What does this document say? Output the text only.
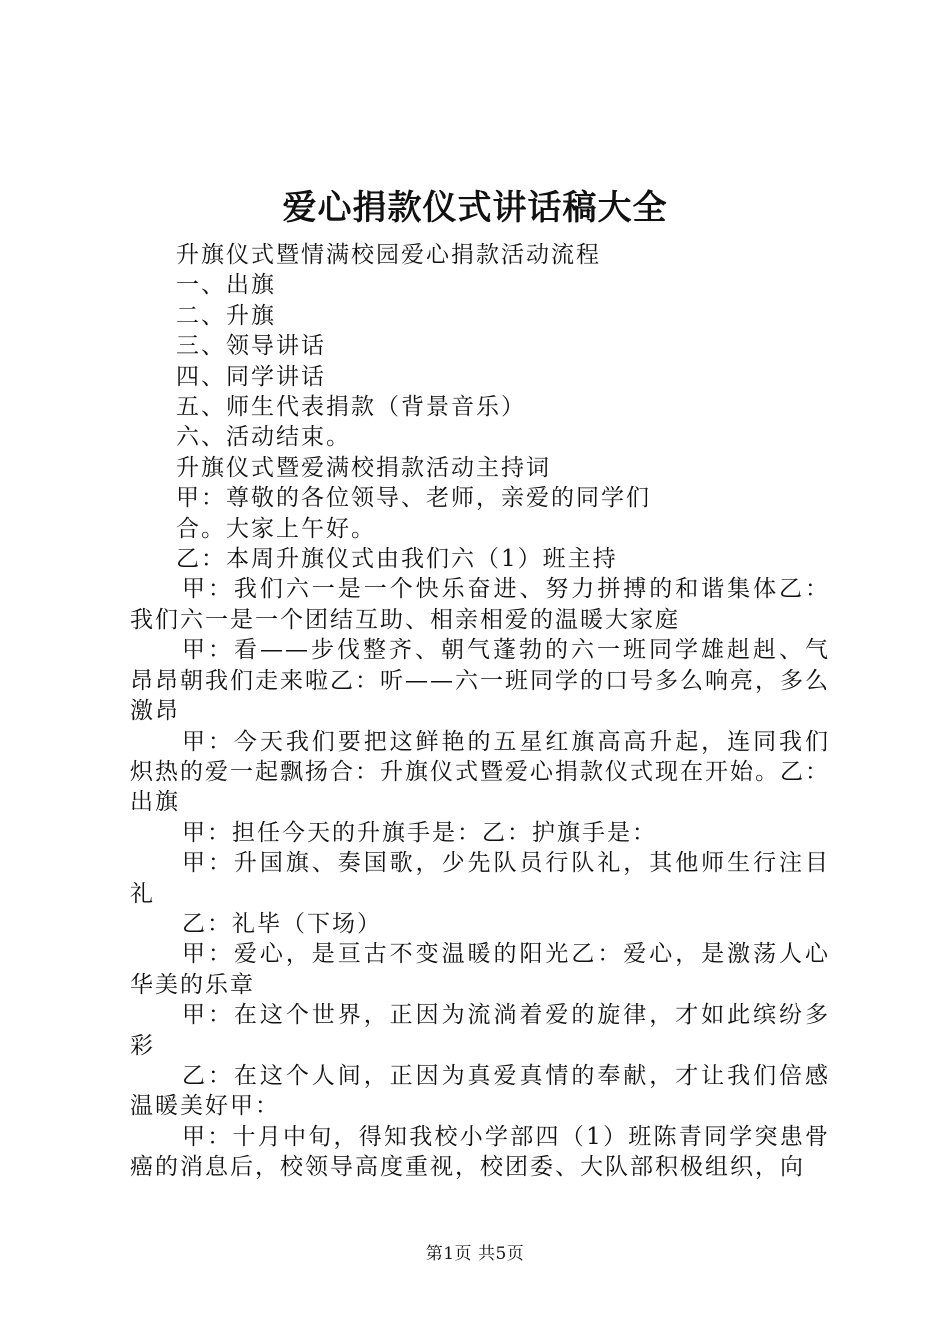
爱心捐款仪式讲话稿大全

升旗仪式暨情满校园爱心捐款活动流程

一、出旗

二、升旗

三、领导讲话

四、同学讲话

五、师生代表捐款（背景音乐）

六、活动结束。

升旗仪式暨爱满校捐款活动主持词

甲：尊敬的各位领导、老师，亲爱的同学们

合。大家上午好。

乙：本周升旗仪式由我们六（1）班主持

甲：我们六一是一个快乐奋进、努力拼搏的和谐集体乙：我们六一是一个团结互助、相亲相爱的温暖大家庭

甲：看——步伐整齐、朝气蓬勃的六一班同学雄赳赳、气昂昂朝我们走来啦乙：听——六一班同学的口号多么响亮，多么激昂

甲：今天我们要把这鲜艳的五星红旗高高升起，连同我们炽热的爱一起飘扬合：升旗仪式暨爱心捐款仪式现在开始。乙：出旗

甲：担任今天的升旗手是：乙：护旗手是：

甲：升国旗、奏国歌，少先队员行队礼，其他师生行注目礼

乙：礼毕（下场）

甲：爱心，是亘古不变温暖的阳光乙：爱心，是激荡人心华美的乐章

甲：在这个世界，正因为流淌着爱的旋律，才如此缤纷多彩

乙：在这个人间，正因为真爱真情的奉献，才让我们倍感温暖美好甲：

甲：十月中旬，得知我校小学部四（1）班陈青同学突患骨癌的消息后，校领导高度重视，校团委、大队部积极组织，向

第1页 共5页
